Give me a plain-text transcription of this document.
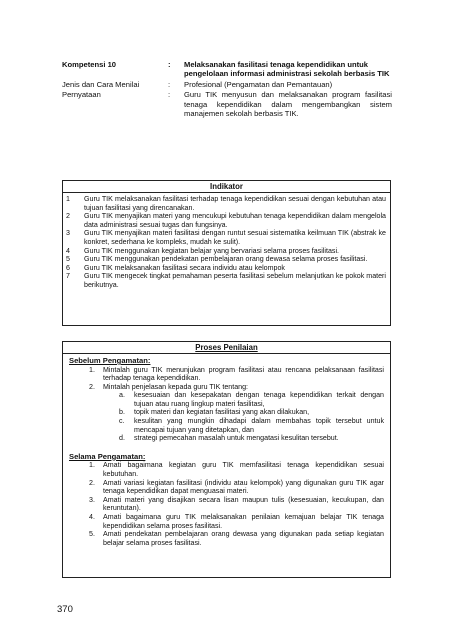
Kompetensi 10	:	Melaksanakan fasilitasi tenaga kependidikan untuk pengelolaan informasi administrasi sekolah berbasis TIK
Jenis dan Cara Menilai	:	Profesional (Pengamatan dan Pemantauan)
Pernyataan	:	Guru TIK menyusun dan melaksanakan program fasilitasi tenaga kependidikan dalam mengembangkan sistem manajemen sekolah berbasis TIK.
Indikator
1	Guru TIK melaksanakan fasilitasi terhadap tenaga kependidikan sesuai dengan kebutuhan atau tujuan fasilitasi yang direncanakan.
2	Guru TIK menyajikan materi yang mencukupi kebutuhan tenaga kependidikan dalam mengelola data administrasi sesuai tugas dan fungsinya.
3	Guru TIK menyajikan materi fasilitasi dengan runtut sesuai sistematika keilmuan TIK (abstrak ke konkret, sederhana ke kompleks, mudah ke sulit).
4	Guru TIK menggunakan kegiatan belajar yang bervariasi selama proses fasilitasi.
5	Guru TIK menggunakan pendekatan pembelajaran orang dewasa selama proses fasilitasi.
6	Guru TIK melaksanakan fasilitasi secara individu atau kelompok
7	Guru TIK mengecek tingkat pemahaman peserta fasilitasi sebelum melanjutkan ke pokok materi berikutnya.
Proses Penilaian
Sebelum Pengamatan:
1.	Mintalah guru TIK menunjukan program fasilitasi atau rencana pelaksanaan fasilitasi terhadap tenaga kependidikan.
2.	Mintalah penjelasan kepada guru TIK tentang:
a.	kesesuaian dan kesepakatan dengan tenaga kependidikan terkait dengan tujuan atau ruang lingkup materi fasilitasi,
b.	topik materi dan kegiatan fasilitasi yang akan dilakukan,
c.	kesulitan yang mungkin dihadapi dalam membahas topik tersebut untuk mencapai tujuan yang ditetapkan, dan
d.	strategi pemecahan masalah untuk mengatasi kesulitan tersebut.
Selama Pengamatan:
1.	Amati bagaimana kegiatan guru TIK memfasilitasi tenaga kependidikan sesuai kebutuhan.
2.	Amati variasi kegiatan fasilitasi (individu atau kelompok) yang digunakan guru TIK agar tenaga kependidikan dapat menguasai materi.
3.	Amati materi yang disajikan secara lisan maupun tulis (kesesuaian, kecukupan, dan keruntutan).
4.	Amati bagaimana guru TIK melaksanakan penilaian kemajuan belajar TIK tenaga kependidikan selama proses fasilitasi.
5.	Amati pendekatan pembelajaran orang dewasa yang digunakan pada setiap kegiatan belajar selama proses fasilitasi.
370
